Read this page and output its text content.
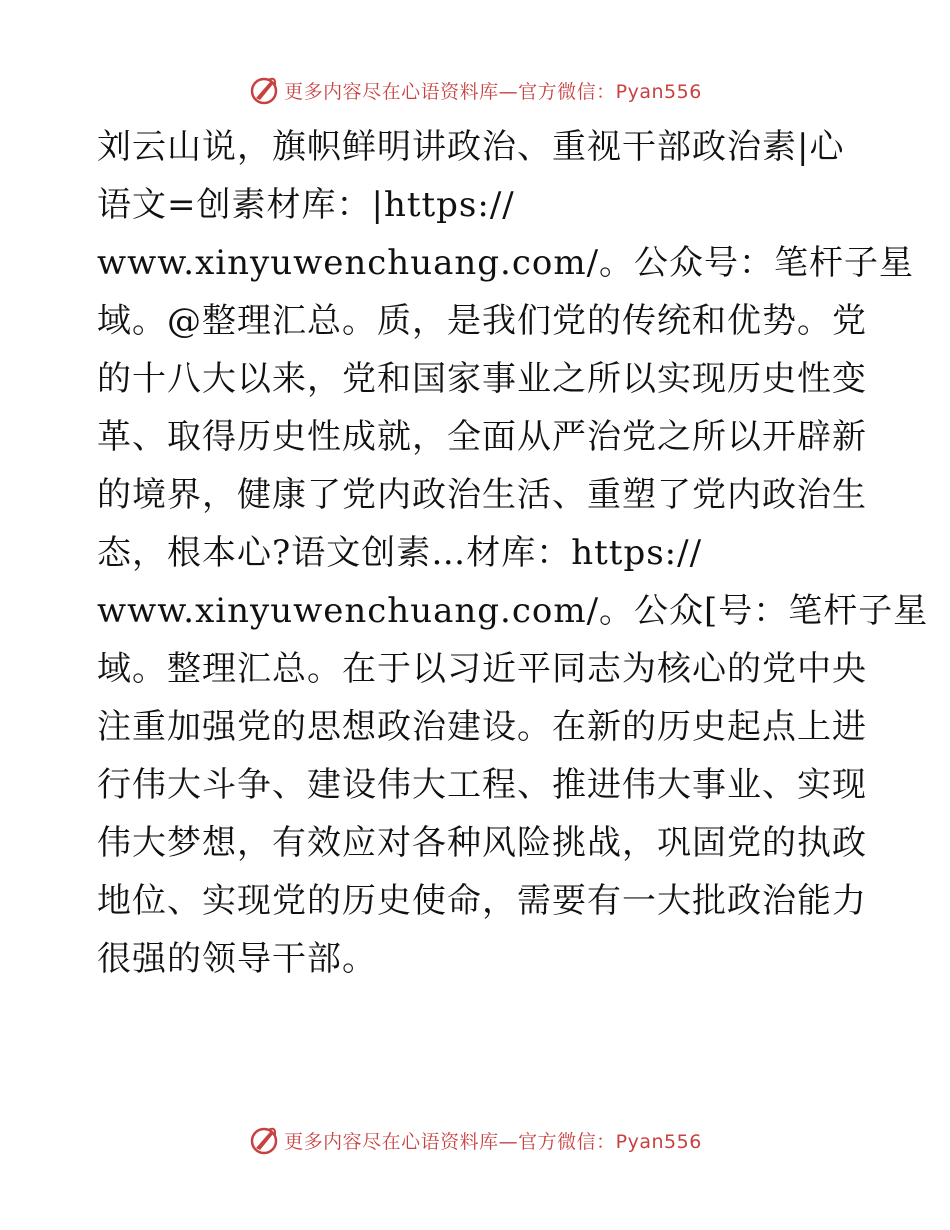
更多内容尽在心语资料库—官方微信：Pyan556
刘云山说，旗帜鲜明讲政治、重视干部政治素|心
语文=创素材库：|https://
www.xinyuwenchuang.com/。公众号：笔杆子星
域。@整理汇总。质，是我们党的传统和优势。党
的十八大以来，党和国家事业之所以实现历史性变
革、取得历史性成就，全面从严治党之所以开辟新
的境界，健康了党内政治生活、重塑了党内政治生
态，根本心?语文创素…材库：https://
www.xinyuwenchuang.com/。公众[号：笔杆子星
域。整理汇总。在于以习近平同志为核心的党中央
注重加强党的思想政治建设。在新的历史起点上进
行伟大斗争、建设伟大工程、推进伟大事业、实现
伟大梦想，有效应对各种风险挑战，巩固党的执政
地位、实现党的历史使命，需要有一大批政治能力
很强的领导干部。
更多内容尽在心语资料库—官方微信：Pyan556
